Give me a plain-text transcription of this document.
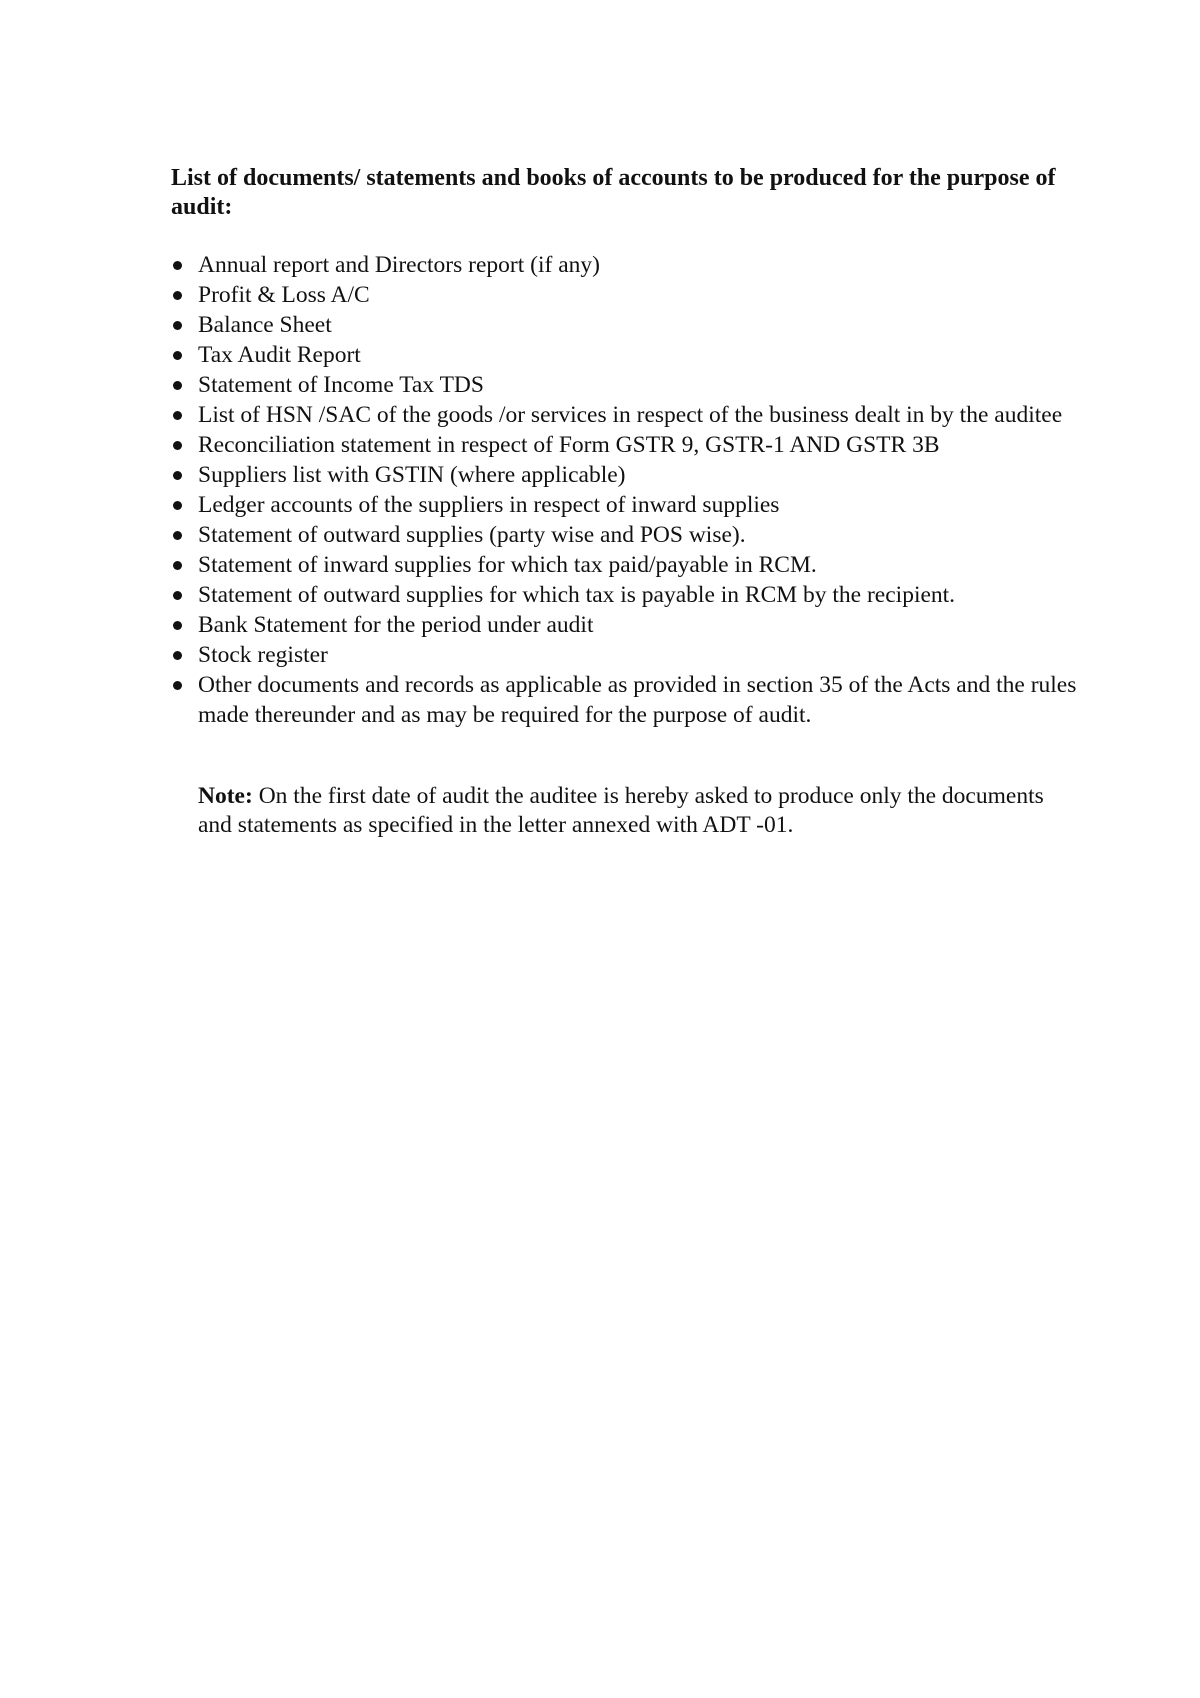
List of documents/ statements and books of accounts to be produced for the purpose of audit:

Annual report and Directors report (if any)
Profit & Loss A/C
Balance Sheet
Tax Audit Report
Statement of Income Tax TDS
List of HSN /SAC of the goods /or services in respect of the business dealt in by the auditee
Reconciliation statement in respect of Form GSTR 9, GSTR-1 AND GSTR 3B
Suppliers list with GSTIN (where applicable)
Ledger accounts of the suppliers in respect of inward supplies
Statement of outward supplies (party wise and POS wise).
Statement of inward supplies for which tax paid/payable in RCM.
Statement of outward supplies for which tax is payable in RCM by the recipient.
Bank Statement for the period under audit
Stock register
Other documents and records as applicable as provided in section 35 of the Acts and the rules made thereunder and as may be required for the purpose of audit.

Note: On the first date of audit the auditee is hereby asked to produce only the documents and statements as specified in the letter annexed with ADT -01.
